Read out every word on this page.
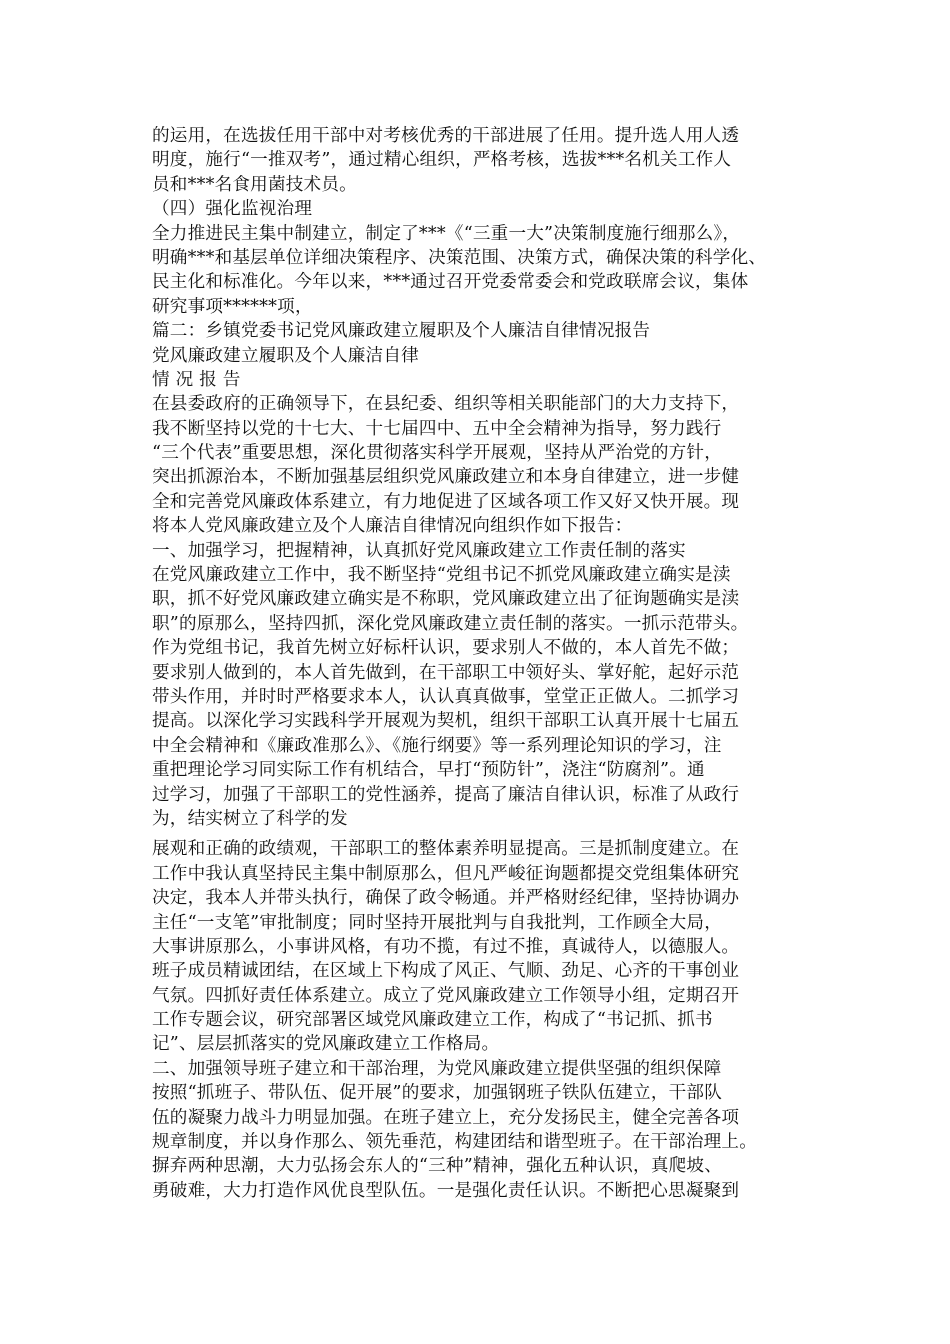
的运用，在选拔任用干部中对考核优秀的干部进展了任用。提升选人用人透
明度，施行“一推双考”，通过精心组织，严格考核，选拔***名机关工作人
员和***名食用菌技术员。
（四）强化监视治理
全力推进民主集中制建立，制定了***《“三重一大”决策制度施行细那么》，
明确***和基层单位详细决策程序、决策范围、决策方式，确保决策的科学化、
民主化和标准化。今年以来，***通过召开党委常委会和党政联席会议，集体
研究事项******项，
篇二：乡镇党委书记党风廉政建立履职及个人廉洁自律情况报告
党风廉政建立履职及个人廉洁自律
情 况 报 告
在县委政府的正确领导下，在县纪委、组织等相关职能部门的大力支持下，
我不断坚持以党的十七大、十七届四中、五中全会精神为指导，努力践行
“三个代表”重要思想，深化贯彻落实科学开展观，坚持从严治党的方针，
突出抓源治本，不断加强基层组织党风廉政建立和本身自律建立，进一步健
全和完善党风廉政体系建立，有力地促进了区域各项工作又好又快开展。现
将本人党风廉政建立及个人廉洁自律情况向组织作如下报告：
一、加强学习，把握精神，认真抓好党风廉政建立工作责任制的落实
在党风廉政建立工作中，我不断坚持“党组书记不抓党风廉政建立确实是渎
职，抓不好党风廉政建立确实是不称职，党风廉政建立出了征询题确实是渎
职”的原那么，坚持四抓，深化党风廉政建立责任制的落实。一抓示范带头。
作为党组书记，我首先树立好标杆认识，要求别人不做的，本人首先不做；
要求别人做到的，本人首先做到，在干部职工中领好头、掌好舵，起好示范
带头作用，并时时严格要求本人，认认真真做事，堂堂正正做人。二抓学习
提高。以深化学习实践科学开展观为契机，组织干部职工认真开展十七届五
中全会精神和《廉政准那么》、《施行纲要》等一系列理论知识的学习，注
重把理论学习同实际工作有机结合，早打“预防针”，浇注“防腐剂”。通
过学习，加强了干部职工的党性涵养，提高了廉洁自律认识，标准了从政行
为，结实树立了科学的发
展观和正确的政绩观，干部职工的整体素养明显提高。三是抓制度建立。在
工作中我认真坚持民主集中制原那么，但凡严峻征询题都提交党组集体研究
决定，我本人并带头执行，确保了政令畅通。并严格财经纪律，坚持协调办
主任“一支笔”审批制度；同时坚持开展批判与自我批判，工作顾全大局，
大事讲原那么，小事讲风格，有功不揽，有过不推，真诚待人，以德服人。
班子成员精诚团结，在区域上下构成了风正、气顺、劲足、心齐的干事创业
气氛。四抓好责任体系建立。成立了党风廉政建立工作领导小组，定期召开
工作专题会议，研究部署区域党风廉政建立工作，构成了“书记抓、抓书
记”、层层抓落实的党风廉政建立工作格局。
二、加强领导班子建立和干部治理，为党风廉政建立提供坚强的组织保障
按照“抓班子、带队伍、促开展”的要求，加强钢班子铁队伍建立，干部队
伍的凝聚力战斗力明显加强。在班子建立上，充分发扬民主，健全完善各项
规章制度，并以身作那么、领先垂范，构建团结和谐型班子。在干部治理上。
摒弃两种思潮，大力弘扬会东人的“三种”精神，强化五种认识，真爬坡、
勇破难，大力打造作风优良型队伍。一是强化责任认识。不断把心思凝聚到
